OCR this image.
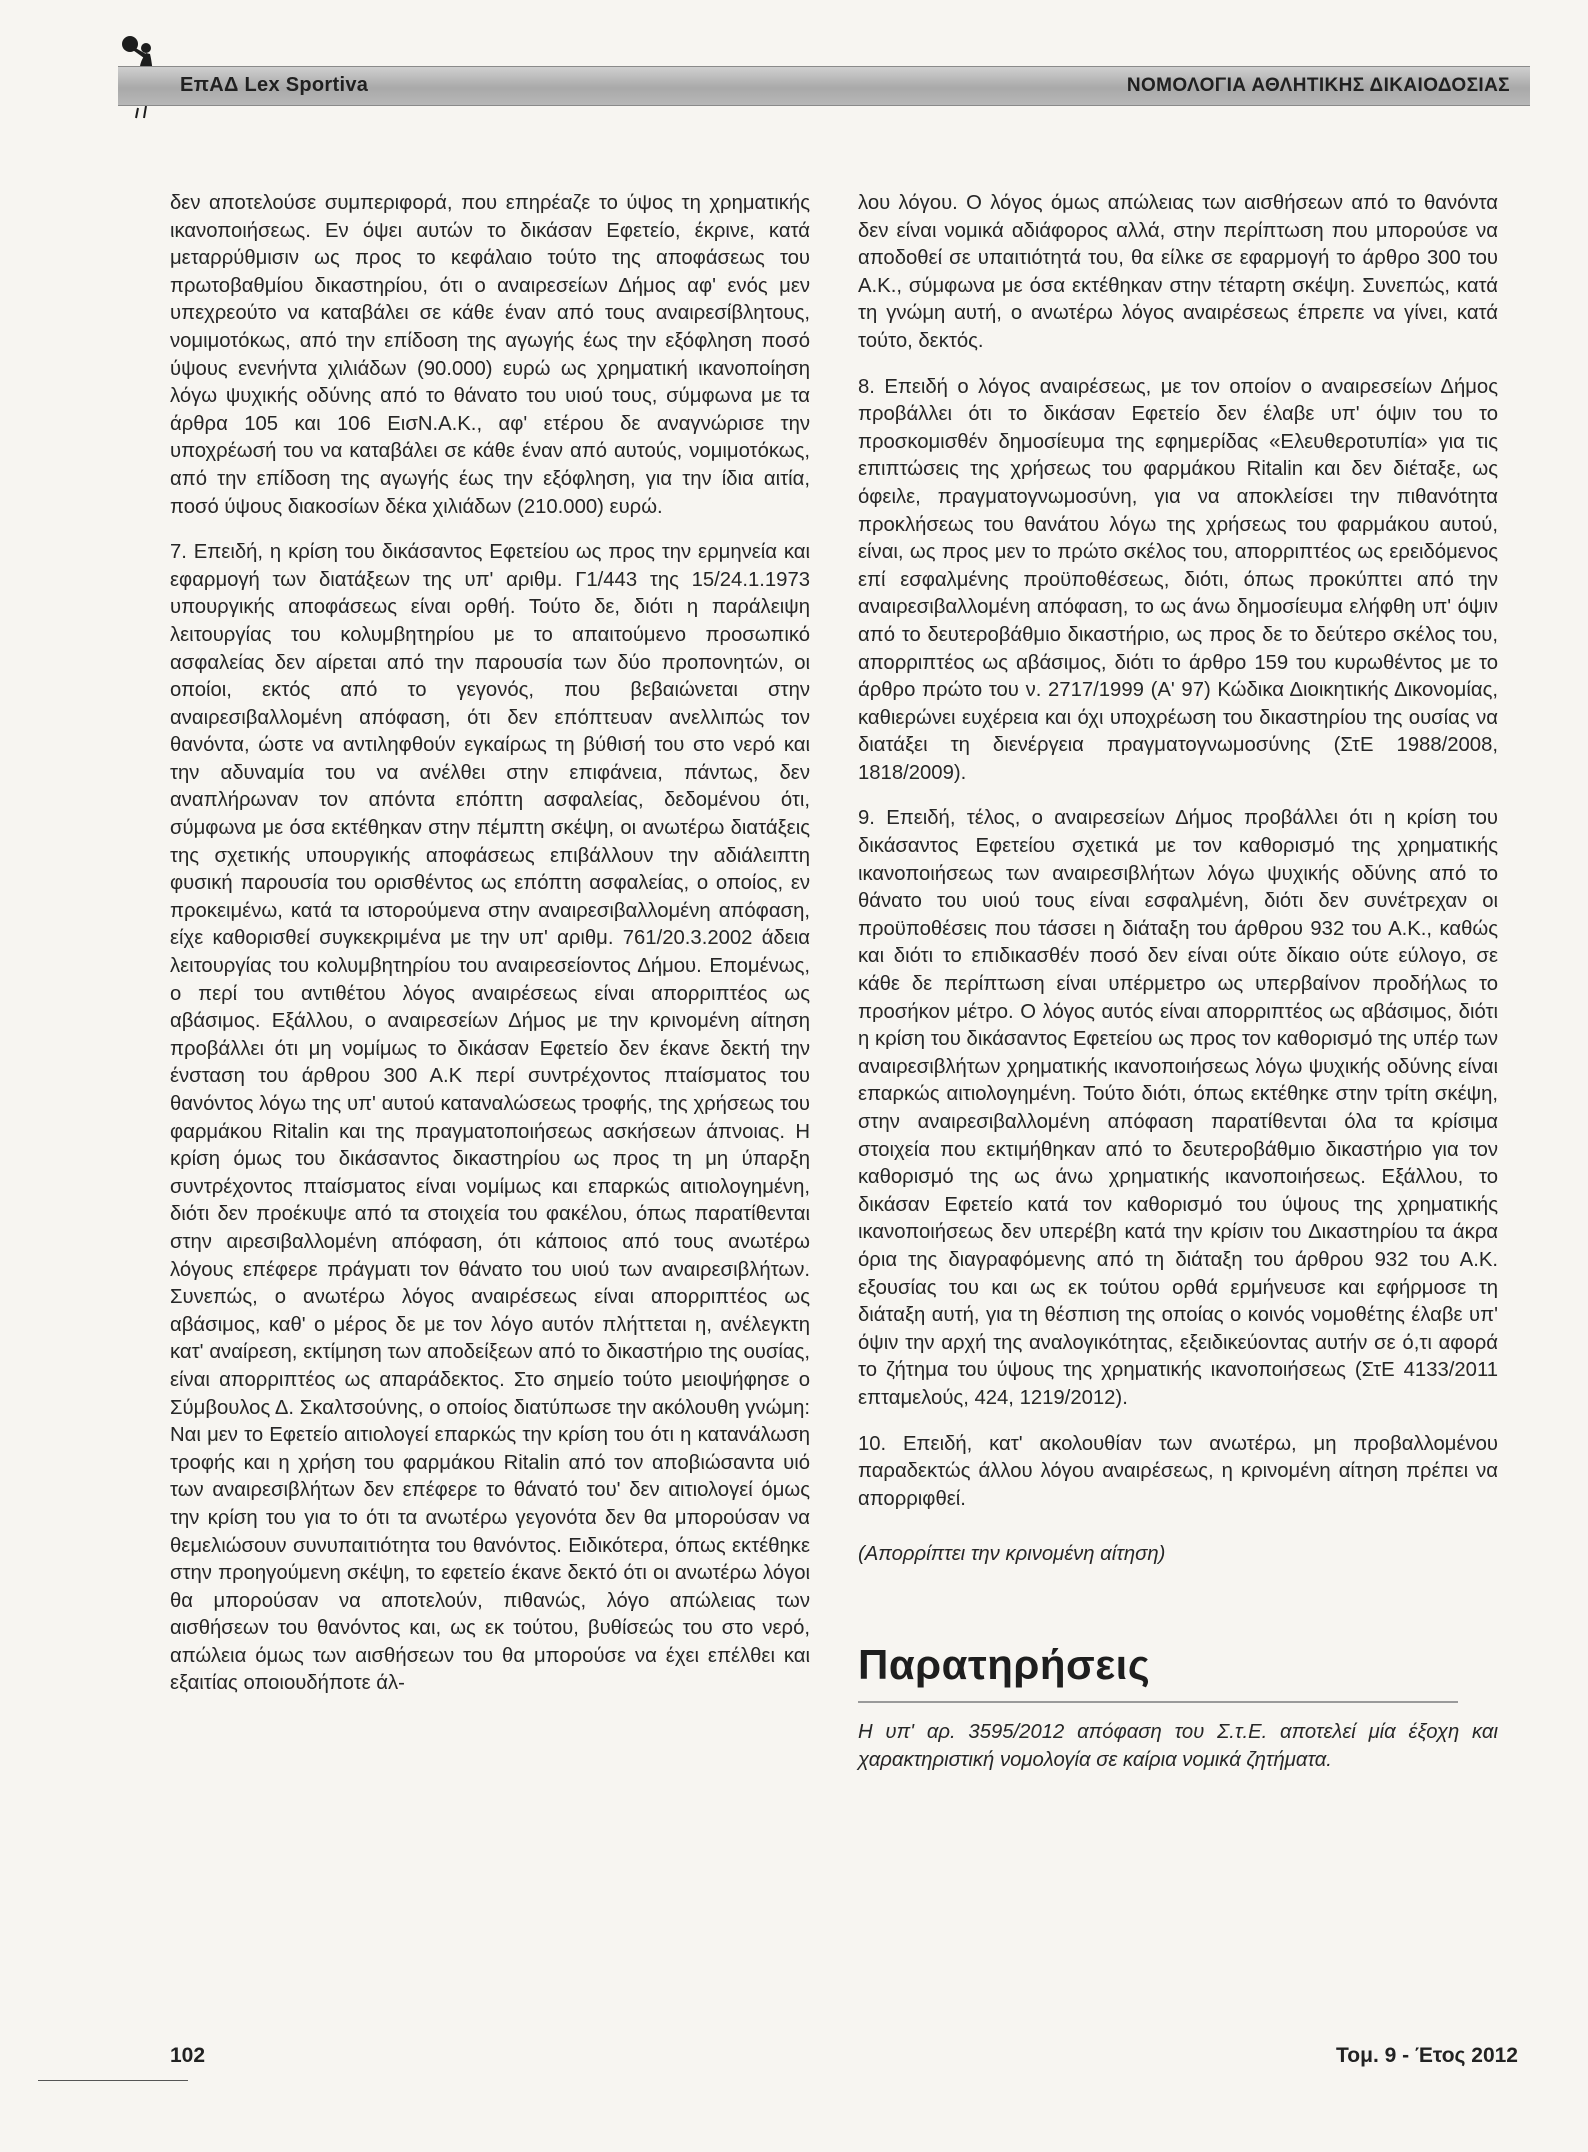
ΕπΑΔ Lex Sportiva	ΝΟΜΟΛΟΓΙΑ ΑΘΛΗΤΙΚΗΣ ΔΙΚΑΙΟΔΟΣΙΑΣ

δεν αποτελούσε συμπεριφορά, που επηρέαζε το ύψος τη χρηματικής ικανοποιήσεως. Εν όψει αυτών το δικάσαν Εφετείο, έκρινε, κατά μεταρρύθμισιν ως προς το κεφάλαιο τούτο της αποφάσεως του πρωτοβαθμίου δικαστηρίου, ότι ο αναιρεσείων Δήμος αφ' ενός μεν υπεχρεούτο να καταβάλει σε κάθε έναν από τους αναιρεσίβλητους, νομιμοτόκως, από την επίδοση της αγωγής έως την εξόφληση ποσό ύψους ενενήντα χιλιάδων (90.000) ευρώ ως χρηματική ικανοποίηση λόγω ψυχικής οδύνης από το θάνατο του υιού τους, σύμφωνα με τα άρθρα 105 και 106 ΕισΝ.Α.Κ., αφ' ετέρου δε αναγνώρισε την υποχρέωσή του να καταβάλει σε κάθε έναν από αυτούς, νομιμοτόκως, από την επίδοση της αγωγής έως την εξόφληση, για την ίδια αιτία, ποσό ύψους διακοσίων δέκα χιλιάδων (210.000) ευρώ.

7. Επειδή, η κρίση του δικάσαντος Εφετείου ως προς την ερμηνεία και εφαρμογή των διατάξεων της υπ' αριθμ. Γ1/443 της 15/24.1.1973 υπουργικής αποφάσεως είναι ορθή. Τούτο δε, διότι η παράλειψη λειτουργίας του κολυμβητηρίου με το απαιτούμενο προσωπικό ασφαλείας δεν αίρεται από την παρουσία των δύο προπονητών, οι οποίοι, εκτός από το γεγονός, που βεβαιώνεται στην αναιρεσιβαλλομένη απόφαση, ότι δεν επόπτευαν ανελλιπώς τον θανόντα, ώστε να αντιληφθούν εγκαίρως τη βύθισή του στο νερό και την αδυναμία του να ανέλθει στην επιφάνεια, πάντως, δεν αναπλήρωναν τον απόντα επόπτη ασφαλείας, δεδομένου ότι, σύμφωνα με όσα εκτέθηκαν στην πέμπτη σκέψη, οι ανωτέρω διατάξεις της σχετικής υπουργικής αποφάσεως επιβάλλουν την αδιάλειπτη φυσική παρουσία του ορισθέντος ως επόπτη ασφαλείας, ο οποίος, εν προκειμένω, κατά τα ιστορούμενα στην αναιρεσιβαλλομένη απόφαση, είχε καθορισθεί συγκεκριμένα με την υπ' αριθμ. 761/20.3.2002 άδεια λειτουργίας του κολυμβητηρίου του αναιρεσείοντος Δήμου. Επομένως, ο περί του αντιθέτου λόγος αναιρέσεως είναι απορριπτέος ως αβάσιμος. Εξάλλου, ο αναιρεσείων Δήμος με την κρινομένη αίτηση προβάλλει ότι μη νομίμως το δικάσαν Εφετείο δεν έκανε δεκτή την ένσταση του άρθρου 300 Α.Κ περί συντρέχοντος πταίσματος του θανόντος λόγω της υπ' αυτού καταναλώσεως τροφής, της χρήσεως του φαρμάκου Ritalin και της πραγματοποιήσεως ασκήσεων άπνοιας. Η κρίση όμως του δικάσαντος δικαστηρίου ως προς τη μη ύπαρξη συντρέχοντος πταίσματος είναι νομίμως και επαρκώς αιτιολογημένη, διότι δεν προέκυψε από τα στοιχεία του φακέλου, όπως παρατίθενται στην αιρεσιβαλλομένη απόφαση, ότι κάποιος από τους ανωτέρω λόγους επέφερε πράγματι τον θάνατο του υιού των αναιρεσιβλήτων. Συνεπώς, ο ανωτέρω λόγος αναιρέσεως είναι απορριπτέος ως αβάσιμος, καθ' ο μέρος δε με τον λόγο αυτόν πλήττεται η, ανέλεγκτη κατ' αναίρεση, εκτίμηση των αποδείξεων από το δικαστήριο της ουσίας, είναι απορριπτέος ως απαράδεκτος. Στο σημείο τούτο μειοψήφησε ο Σύμβουλος Δ. Σκαλτσούνης, ο οποίος διατύπωσε την ακόλουθη γνώμη: Ναι μεν το Εφετείο αιτιολογεί επαρκώς την κρίση του ότι η κατανάλωση τροφής και η χρήση του φαρμάκου Ritalin από τον αποβιώσαντα υιό των αναιρεσιβλήτων δεν επέφερε το θάνατό του' δεν αιτιολογεί όμως την κρίση του για το ότι τα ανωτέρω γεγονότα δεν θα μπορούσαν να θεμελιώσουν συνυπαιτιότητα του θανόντος. Ειδικότερα, όπως εκτέθηκε στην προηγούμενη σκέψη, το εφετείο έκανε δεκτό ότι οι ανωτέρω λόγοι θα μπορούσαν να αποτελούν, πιθανώς, λόγο απώλειας των αισθήσεων του θανόντος και, ως εκ τούτου, βυθίσεώς του στο νερό, απώλεια όμως των αισθήσεων του θα μπορούσε να έχει επέλθει και εξαιτίας οποιουδήποτε άλ-

λου λόγου. Ο λόγος όμως απώλειας των αισθήσεων από το θανόντα δεν είναι νομικά αδιάφορος αλλά, στην περίπτωση που μπορούσε να αποδοθεί σε υπαιτιότητά του, θα είλκε σε εφαρμογή το άρθρο 300 του Α.Κ., σύμφωνα με όσα εκτέθηκαν στην τέταρτη σκέψη. Συνεπώς, κατά τη γνώμη αυτή, ο ανωτέρω λόγος αναιρέσεως έπρεπε να γίνει, κατά τούτο, δεκτός.

8. Επειδή ο λόγος αναιρέσεως, με τον οποίον ο αναιρεσείων Δήμος προβάλλει ότι το δικάσαν Εφετείο δεν έλαβε υπ' όψιν του το προσκομισθέν δημοσίευμα της εφημερίδας «Ελευθεροτυπία» για τις επιπτώσεις της χρήσεως του φαρμάκου Ritalin και δεν διέταξε, ως όφειλε, πραγματογνωμοσύνη, για να αποκλείσει την πιθανότητα προκλήσεως του θανάτου λόγω της χρήσεως του φαρμάκου αυτού, είναι, ως προς μεν το πρώτο σκέλος του, απορριπτέος ως ερειδόμενος επί εσφαλμένης προϋποθέσεως, διότι, όπως προκύπτει από την αναιρεσιβαλλομένη απόφαση, το ως άνω δημοσίευμα ελήφθη υπ' όψιν από το δευτεροβάθμιο δικαστήριο, ως προς δε το δεύτερο σκέλος του, απορριπτέος ως αβάσιμος, διότι το άρθρο 159 του κυρωθέντος με το άρθρο πρώτο του ν. 2717/1999 (Α' 97) Κώδικα Διοικητικής Δικονομίας, καθιερώνει ευχέρεια και όχι υποχρέωση του δικαστηρίου της ουσίας να διατάξει τη διενέργεια πραγματογνωμοσύνης (ΣτΕ 1988/2008, 1818/2009).

9. Επειδή, τέλος, ο αναιρεσείων Δήμος προβάλλει ότι η κρίση του δικάσαντος Εφετείου σχετικά με τον καθορισμό της χρηματικής ικανοποιήσεως των αναιρεσιβλήτων λόγω ψυχικής οδύνης από το θάνατο του υιού τους είναι εσφαλμένη, διότι δεν συνέτρεχαν οι προϋποθέσεις που τάσσει η διάταξη του άρθρου 932 του Α.Κ., καθώς και διότι το επιδικασθέν ποσό δεν είναι ούτε δίκαιο ούτε εύλογο, σε κάθε δε περίπτωση είναι υπέρμετρο ως υπερβαίνον προδήλως το προσήκον μέτρο. Ο λόγος αυτός είναι απορριπτέος ως αβάσιμος, διότι η κρίση του δικάσαντος Εφετείου ως προς τον καθορισμό της υπέρ των αναιρεσιβλήτων χρηματικής ικανοποιήσεως λόγω ψυχικής οδύνης είναι επαρκώς αιτιολογημένη. Τούτο διότι, όπως εκτέθηκε στην τρίτη σκέψη, στην αναιρεσιβαλλομένη απόφαση παρατίθενται όλα τα κρίσιμα στοιχεία που εκτιμήθηκαν από το δευτεροβάθμιο δικαστήριο για τον καθορισμό της ως άνω χρηματικής ικανοποιήσεως. Εξάλλου, το δικάσαν Εφετείο κατά τον καθορισμό του ύψους της χρηματικής ικανοποιήσεως δεν υπερέβη κατά την κρίσιν του Δικαστηρίου τα άκρα όρια της διαγραφόμενης από τη διάταξη του άρθρου 932 του Α.Κ. εξουσίας του και ως εκ τούτου ορθά ερμήνευσε και εφήρμοσε τη διάταξη αυτή, για τη θέσπιση της οποίας ο κοινός νομοθέτης έλαβε υπ' όψιν την αρχή της αναλογικότητας, εξειδικεύοντας αυτήν σε ό,τι αφορά το ζήτημα του ύψους της χρηματικής ικανοποιήσεως (ΣτΕ 4133/2011 επταμελούς, 424, 1219/2012).

10. Επειδή, κατ' ακολουθίαν των ανωτέρω, μη προβαλλομένου παραδεκτώς άλλου λόγου αναιρέσεως, η κρινομένη αίτηση πρέπει να απορριφθεί.

(Απορρίπτει την κρινομένη αίτηση)

Παρατηρήσεις

Η υπ' αρ. 3595/2012 απόφαση του Σ.τ.Ε. αποτελεί μία έξοχη και χαρακτηριστική νομολογία σε καίρια νομικά ζητήματα.

102	Τομ. 9 - Έτος 2012
